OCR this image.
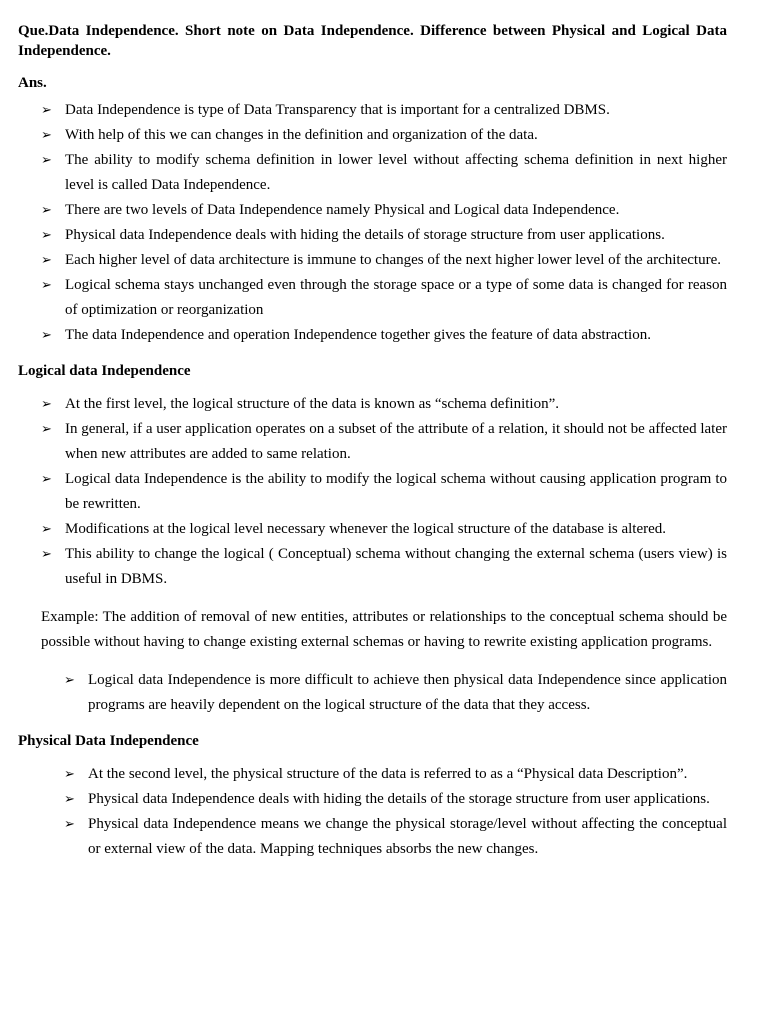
Que.Data Independence. Short note on Data Independence. Difference between Physical and Logical Data Independence.

Ans.

➢ Data Independence is type of Data Transparency that is important for a centralized DBMS.
➢ With help of this we can changes in the definition and organization of the data.
➢ The ability to modify schema definition in lower level without affecting schema definition in next higher level is called Data Independence.
➢ There are two levels of Data Independence namely Physical and Logical data Independence.
➢ Physical data Independence deals with hiding the details of storage structure from user applications.
➢ Each higher level of data architecture is immune to changes of the next higher lower level of the architecture.
➢ Logical schema stays unchanged even through the storage space or a type of some data is changed for reason of optimization or reorganization
➢ The data Independence and operation Independence together gives the feature of data abstraction.

Logical data Independence

➢ At the first level, the logical structure of the data is known as “schema definition”.
➢ In general, if a user application operates on a subset of the attribute of a relation, it should not be affected later when new attributes are added to same relation.
➢ Logical data Independence is the ability to modify the logical schema without causing application program to be rewritten.
➢ Modifications at the logical level necessary whenever the logical structure of the database is altered.
➢ This ability to change the logical ( Conceptual) schema without changing the external schema (users view) is useful in DBMS.

Example: The addition of removal of new entities, attributes or relationships to the conceptual schema should be possible without having to change existing external schemas or having to rewrite existing application programs.

➢ Logical data Independence is more difficult to achieve then physical data Independence since application programs are heavily dependent on the logical structure of the data that they access.

Physical Data Independence

➢ At the second level, the physical structure of the data is referred to as a “Physical data Description”.
➢ Physical data Independence deals with hiding the details of the storage structure from user applications.
➢ Physical data Independence means we change the physical storage/level without affecting the conceptual or external view of the data. Mapping techniques absorbs the new changes.
